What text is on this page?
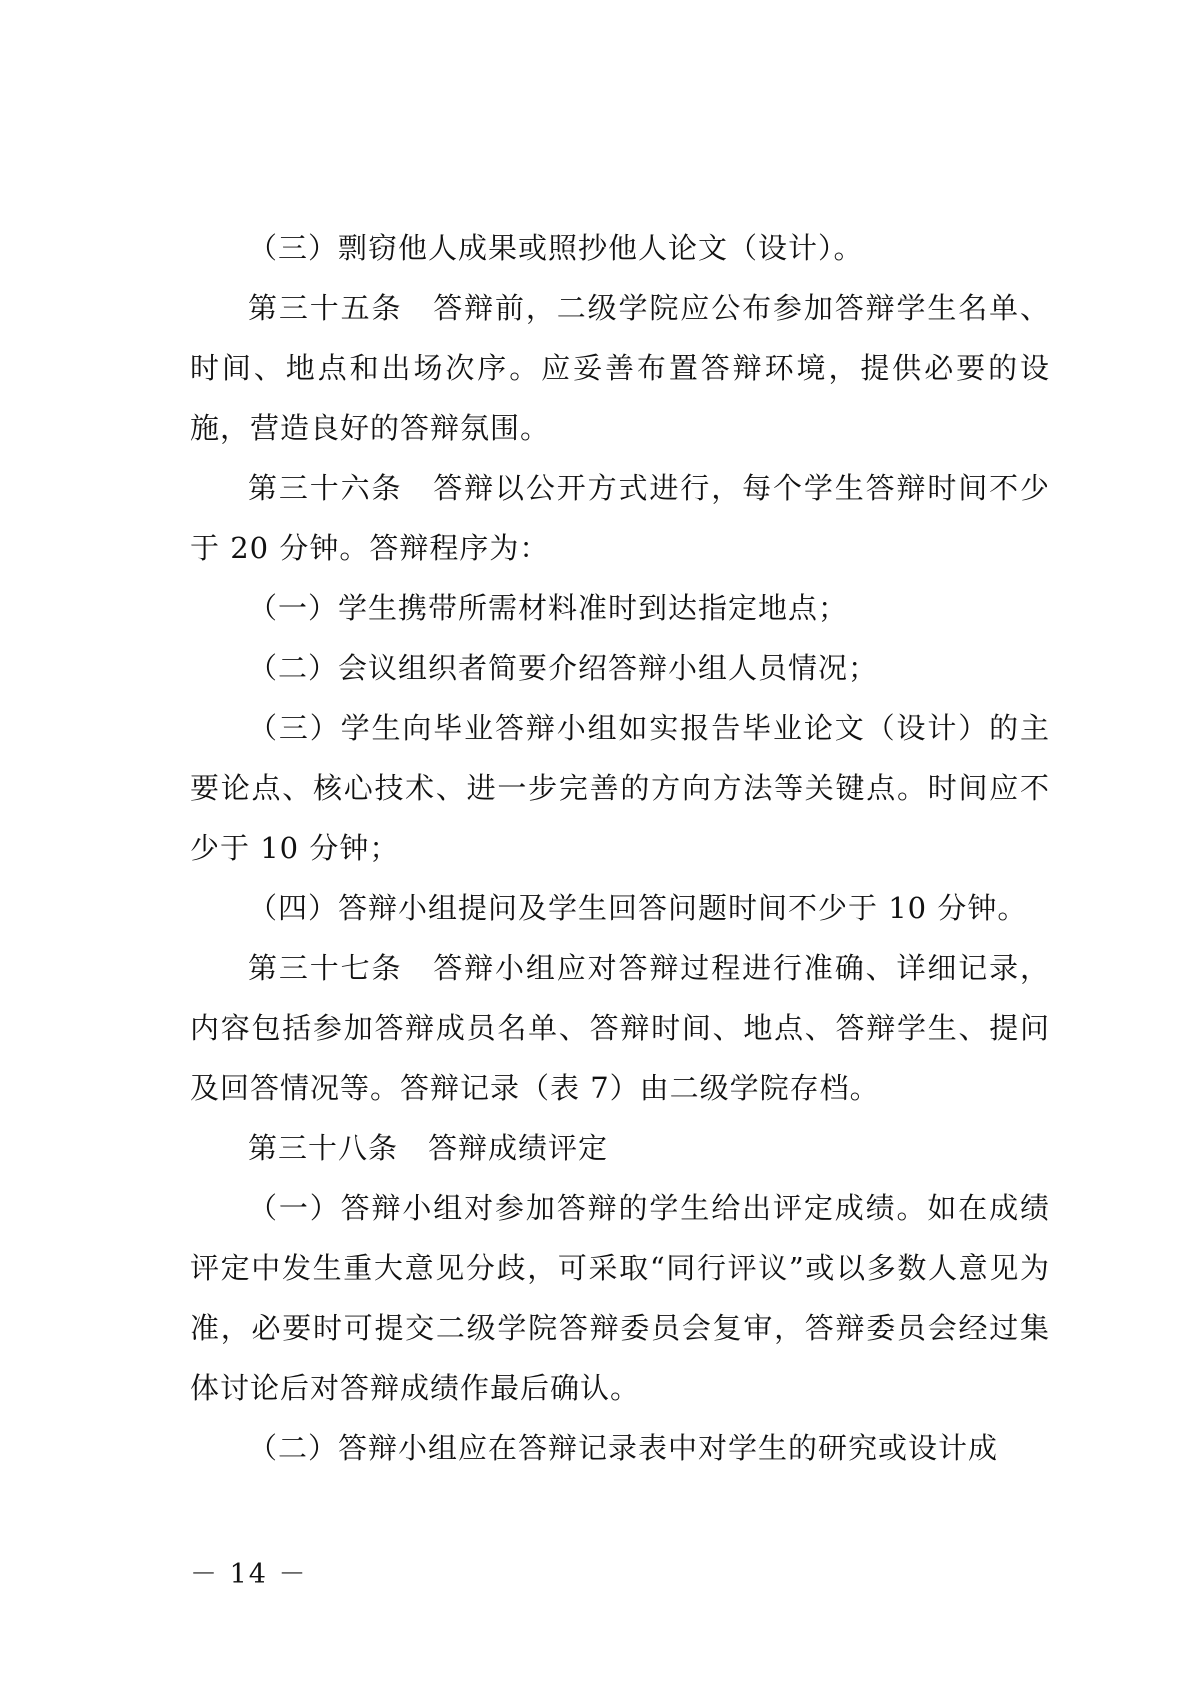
（三）剽窃他人成果或照抄他人论文（设计）。

第三十五条　答辩前，二级学院应公布参加答辩学生名单、时间、地点和出场次序。应妥善布置答辩环境，提供必要的设施，营造良好的答辩氛围。

第三十六条　答辩以公开方式进行，每个学生答辩时间不少于 20 分钟。答辩程序为：

（一）学生携带所需材料准时到达指定地点；

（二）会议组织者简要介绍答辩小组人员情况；

（三）学生向毕业答辩小组如实报告毕业论文（设计）的主要论点、核心技术、进一步完善的方向方法等关键点。时间应不少于 10 分钟；

（四）答辩小组提问及学生回答问题时间不少于 10 分钟。

第三十七条　答辩小组应对答辩过程进行准确、详细记录，内容包括参加答辩成员名单、答辩时间、地点、答辩学生、提问及回答情况等。答辩记录（表 7）由二级学院存档。

第三十八条　答辩成绩评定

（一）答辩小组对参加答辩的学生给出评定成绩。如在成绩评定中发生重大意见分歧，可采取“同行评议”或以多数人意见为准，必要时可提交二级学院答辩委员会复审，答辩委员会经过集体讨论后对答辩成绩作最后确认。

（二）答辩小组应在答辩记录表中对学生的研究或设计成

－ 14 －
